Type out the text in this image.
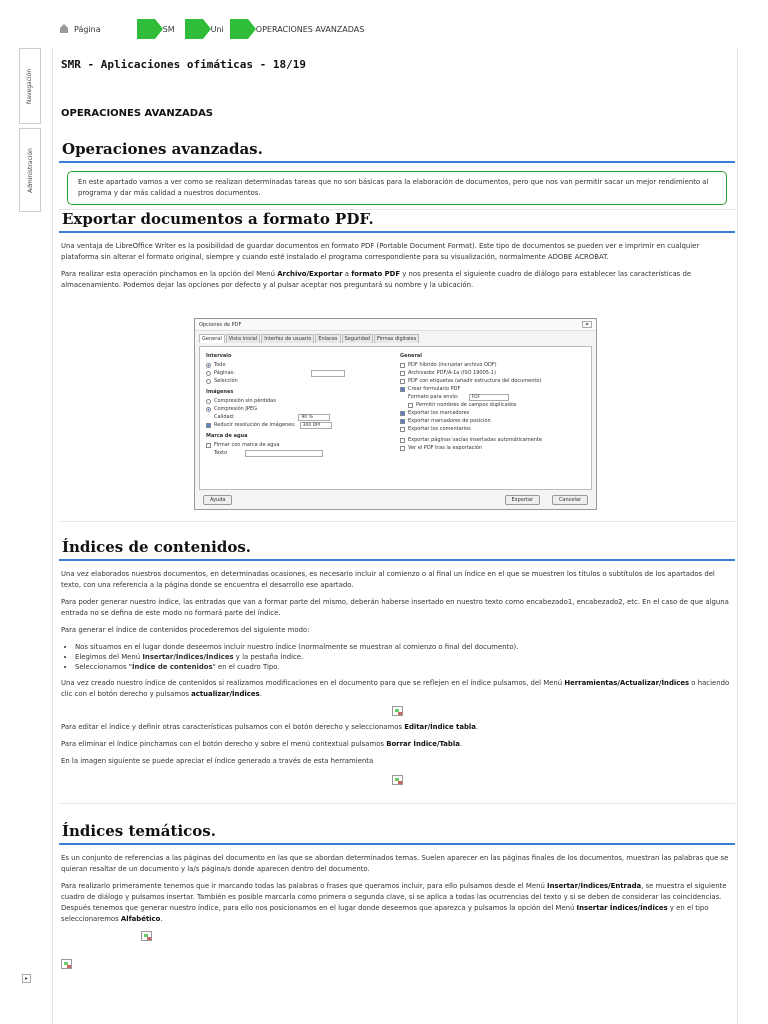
Página	SM	Uni	OPERACIONES AVANZADAS
Navegación
Administración
▸
SMR - Aplicaciones ofimáticas - 18/19
OPERACIONES AVANZADAS
Operaciones avanzadas.
En este apartado vamos a ver como se realizan determinadas tareas que no son básicas para la elaboración de documentos, pero que nos van permitir sacar un mejor rendimiento al programa y dar más calidad a nuestros documentos.
Exportar documentos a formato PDF.

Una ventaja de LibreOffice Writer es la posibilidad de guardar documentos en formato PDF (Portable Document Format). Este tipo de documentos se pueden ver e imprimir en cualquier plataforma sin alterar el formato original, siempre y cuando esté instalado el programa correspondiente para su visualización, normalmente ADOBE ACROBAT.

Para realizar esta operación pinchamos en la opción del Menú Archivo/Exportar a formato PDF y nos presenta el siguiente cuadro de diálogo para establecer las características de almacenamiento. Podemos dejar las opciones por defecto y al pulsar aceptar nos preguntará su nombre y la ubicación.

Índices de contenidos.

Una vez elaborados nuestros documentos, en determinadas ocasiones, es necesario incluir al comienzo o al final un índice en el que se muestren los títulos o subtítulos de los apartados del texto, con una referencia a la página donde se encuentra el desarrollo ese apartado.

Para poder generar nuestro índice, las entradas que van a formar parte del mismo, deberán haberse insertado en nuestro texto como encabezado1, encabezado2, etc. En el caso de que alguna entrada no se defina de este modo no formará parte del índice.

Para generar el índice de contenidos procederemos del siguiente modo:

• Nos situamos en el lugar donde deseemos incluir nuestro índice (normalmente se muestran al comienzo o final del documento).
• Elegimos del Menú Insertar/Índices/Índices y la pestaña Índice.
• Seleccionamos "Índice de contenidos" en el cuadro Tipo.

Una vez creado nuestro índice de contenidos si realizamos modificaciones en el documento para que se reflejen en el índice pulsamos, del Menú Herramientas/Actualizar/Índices o haciendo clic con el botón derecho y pulsamos actualizar/Índices.

Para editar el índice y definir otras características pulsamos con el botón derecho y seleccionamos Editar/Índice tabla.

Para eliminar el índice pinchamos con el botón derecho y sobre el menú contextual pulsamos Borrar Índice/Tabla.

En la imagen siguiente se puede apreciar el índice generado a través de esta herramienta

Índices temáticos.

Es un conjunto de referencias a las páginas del documento en las que se abordan determinados temas. Suelen aparecer en las páginas finales de los documentos, muestran las palabras que se quieran resaltar de un documento y la/s página/s donde aparecen dentro del documento.

Para realizarlo primeramente tenemos que ir marcando todas las palabras o frases que queramos incluir, para ello pulsamos desde el Menú Insertar/Índices/Entrada, se muestra el siguiente cuadro de diálogo y pulsamos insertar. También es posible marcarla como primera o segunda clave, si se aplica a todas las ocurrencias del texto y si se deben de considerar las coincidencias. Después tenemos que generar nuestro índice, para ello nos posicionamos en el lugar donde deseemos que aparezca y pulsamos la opción del Menú Insertar Índices/Índices y en el tipo seleccionaremos Alfabético.

Opciones de PDF	⌗
General	Vista inicial	Interfaz de usuario	Enlaces	Seguridad	Firmas digitales
Intervalo
Todo
Páginas:
Selección
Imágenes
Compresión sin pérdidas
Compresión JPEG
Calidad:	90 %
Reducir resolución de imágenes:	300 DPI
Marca de agua
Firmar con marca de agua
Texto
General
PDF híbrido (incrustar archivo ODF)
Archivador PDF/A-1a (ISO 19005-1)
PDF con etiquetas (añadir estructura del documento)
Crear formulario PDF
Formato para envío:	FDF
Permitir nombres de campos duplicados
Exportar los marcadores
Exportar marcadores de posición
Exportar los comentarios
Exportar páginas vacías insertadas automáticamente
Ver el PDF tras la exportación
Ayuda	Exportar	Cancelar
